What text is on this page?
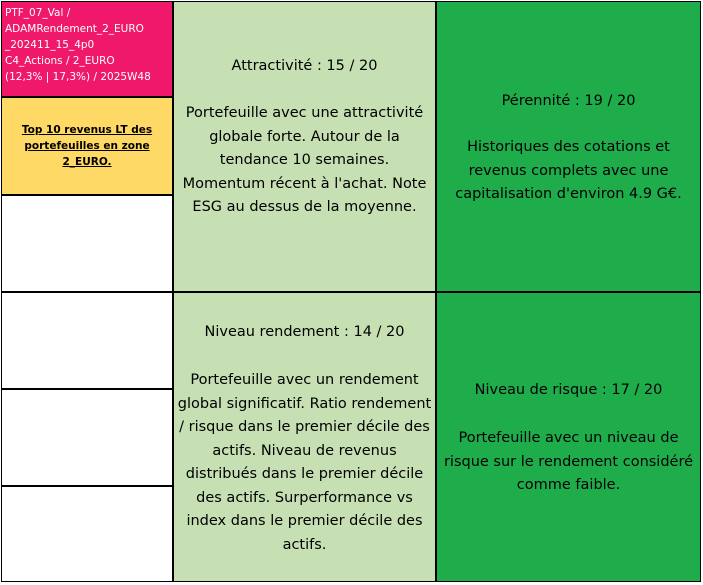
PTF_07_Val /
ADAMRendement_2_EURO
_202411_15_4p0
C4_Actions / 2_EURO
(12,3% | 17,3%) / 2025W48
Top 10 revenus LT des portefeuilles en zone 2_EURO.
Attractivité : 15 / 20
Portefeuille avec une attractivité globale forte. Autour de la tendance 10 semaines. Momentum récent à l'achat. Note ESG au dessus de la moyenne.
Pérennité : 19 / 20
Historiques des cotations et revenus complets avec une capitalisation d'environ 4.9 G€.
Niveau rendement : 14 / 20
Portefeuille avec un rendement global significatif. Ratio rendement / risque dans le premier décile des actifs. Niveau de revenus distribués dans le premier décile des actifs. Surperformance vs index dans le premier décile des actifs.
Niveau de risque : 17 / 20
Portefeuille avec un niveau de risque sur le rendement considéré comme faible.
